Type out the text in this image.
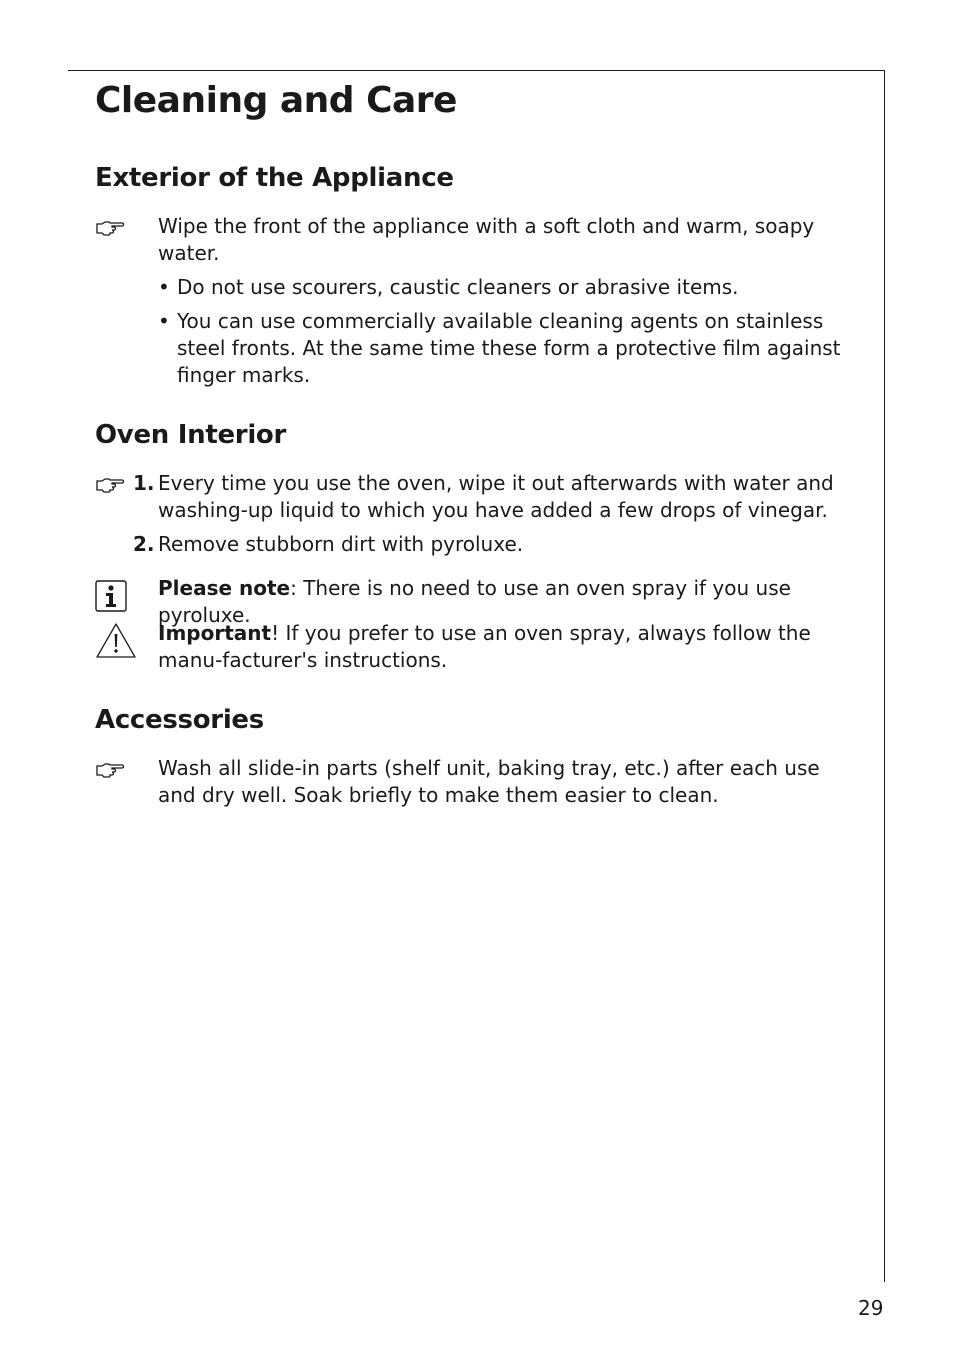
Cleaning and Care
Exterior of the Appliance

Wipe the front of the appliance with a soft cloth and warm, soapy water.

• Do not use scourers, caustic cleaners or abrasive items.
• You can use commercially available cleaning agents on stainless steel fronts. At the same time these form a protective film against finger marks.
Oven Interior
1. Every time you use the oven, wipe it out afterwards with water and washing-up liquid to which you have added a few drops of vinegar.

2. Remove stubborn dirt with pyroluxe.

Please note: There is no need to use an oven spray if you use pyroluxe.

Important! If you prefer to use an oven spray, always follow the manu-facturer's instructions.

Accessories

Wash all slide-in parts (shelf unit, baking tray, etc.) after each use and dry well. Soak briefly to make them easier to clean.

29
